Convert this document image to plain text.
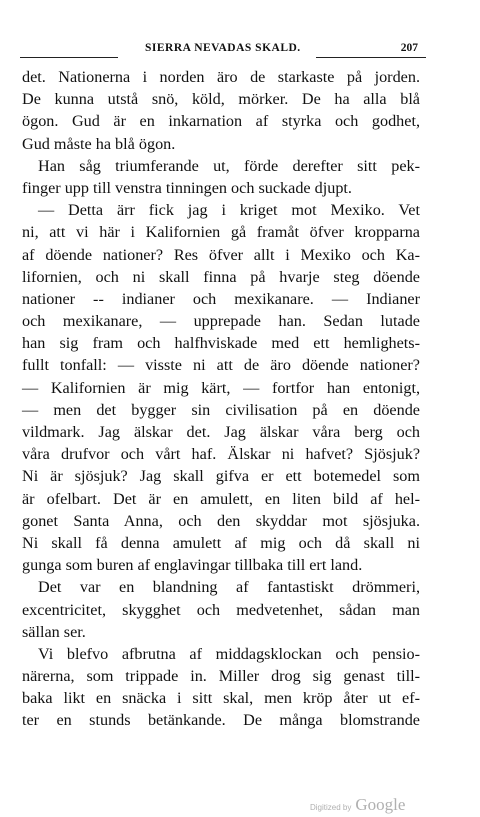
SIERRA NEVADAS SKALD.	207
det. Nationerna i norden äro de starkaste på jorden.
De kunna utstå snö, köld, mörker. De ha alla blå
ögon. Gud är en inkarnation af styrka och godhet,
Gud måste ha blå ögon.
Han såg triumferande ut, förde derefter sitt pek-
finger upp till venstra tinningen och suckade djupt.
— Detta ärr fick jag i kriget mot Mexiko. Vet
ni, att vi här i Kalifornien gå framåt öfver kropparna
af döende nationer? Res öfver allt i Mexiko och Ka-
lifornien, och ni skall finna på hvarje steg döende
nationer -- indianer och mexikanare. — Indianer
och mexikanare, — upprepade han. Sedan lutade
han sig fram och halfhviskade med ett hemlighets-
fullt tonfall: — visste ni att de äro döende nationer?
— Kalifornien är mig kärt, — fortfor han entonigt,
— men det bygger sin civilisation på en döende
vildmark. Jag älskar det. Jag älskar våra berg och
våra drufvor och vårt haf. Älskar ni hafvet? Sjösjuk?
Ni är sjösjuk? Jag skall gifva er ett botemedel som
är ofelbart. Det är en amulett, en liten bild af hel-
gonet Santa Anna, och den skyddar mot sjösjuka.
Ni skall få denna amulett af mig och då skall ni
gunga som buren af englavingar tillbaka till ert land.
Det var en blandning af fantastiskt drömmeri,
excentricitet, skygghet och medvetenhet, sådan man
sällan ser.
Vi blefvo afbrutna af middagsklockan och pensio-
närerna, som trippade in. Miller drog sig genast till-
baka likt en snäcka i sitt skal, men kröp åter ut ef-
ter en stunds betänkande. De många blomstrande
Digitized by Google
